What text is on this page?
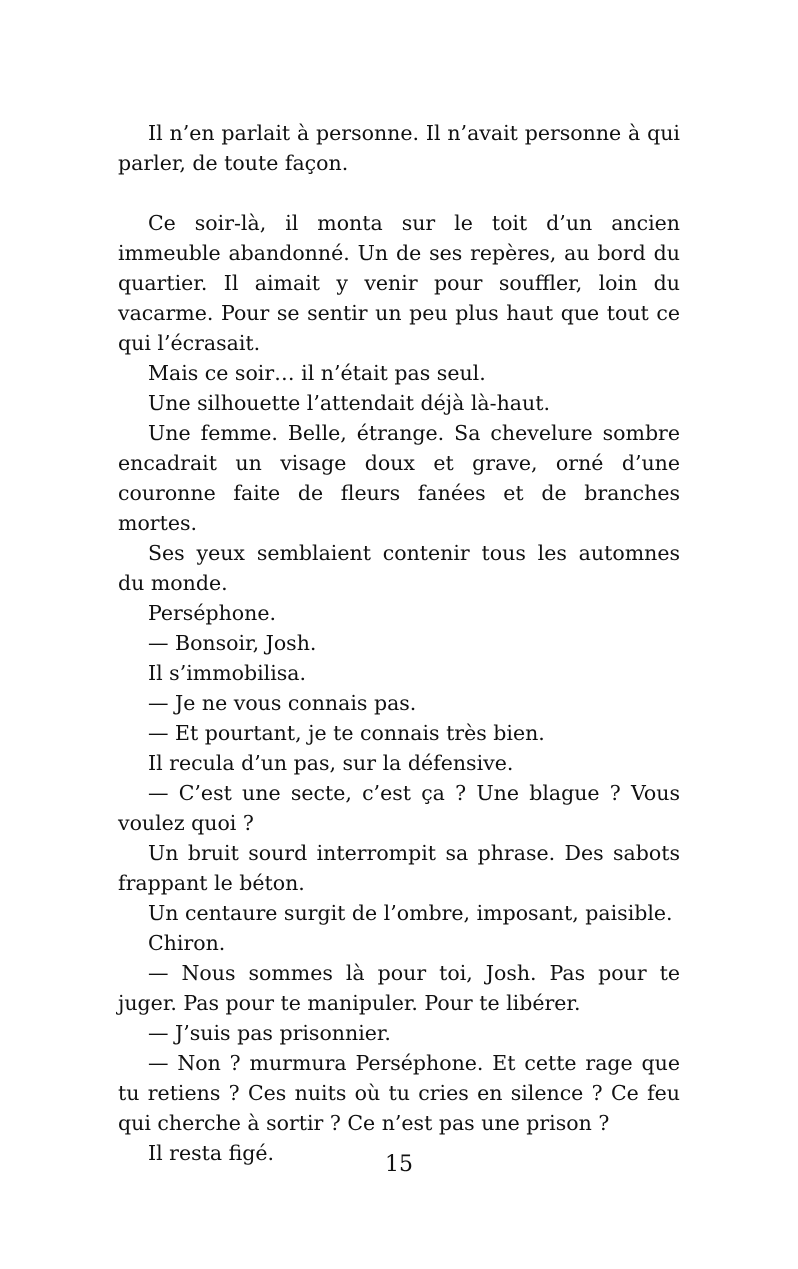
Il n’en parlait à personne. Il n’avait personne à qui parler, de toute façon.

Ce soir-là, il monta sur le toit d’un ancien immeuble abandonné. Un de ses repères, au bord du quartier. Il aimait y venir pour souffler, loin du vacarme. Pour se sentir un peu plus haut que tout ce qui l’écrasait.

Mais ce soir… il n’était pas seul.

Une silhouette l’attendait déjà là-haut.

Une femme. Belle, étrange. Sa chevelure sombre encadrait un visage doux et grave, orné d’une couronne faite de fleurs fanées et de branches mortes.

Ses yeux semblaient contenir tous les automnes du monde.

Perséphone.

— Bonsoir, Josh.

Il s’immobilisa.

— Je ne vous connais pas.

— Et pourtant, je te connais très bien.

Il recula d’un pas, sur la défensive.

— C’est une secte, c’est ça ? Une blague ? Vous voulez quoi ?

Un bruit sourd interrompit sa phrase. Des sabots frappant le béton.

Un centaure surgit de l’ombre, imposant, paisible.

Chiron.

— Nous sommes là pour toi, Josh. Pas pour te juger. Pas pour te manipuler. Pour te libérer.

— J’suis pas prisonnier.

— Non ? murmura Perséphone. Et cette rage que tu retiens ? Ces nuits où tu cries en silence ? Ce feu qui cherche à sortir ? Ce n’est pas une prison ?

Il resta figé.	15
